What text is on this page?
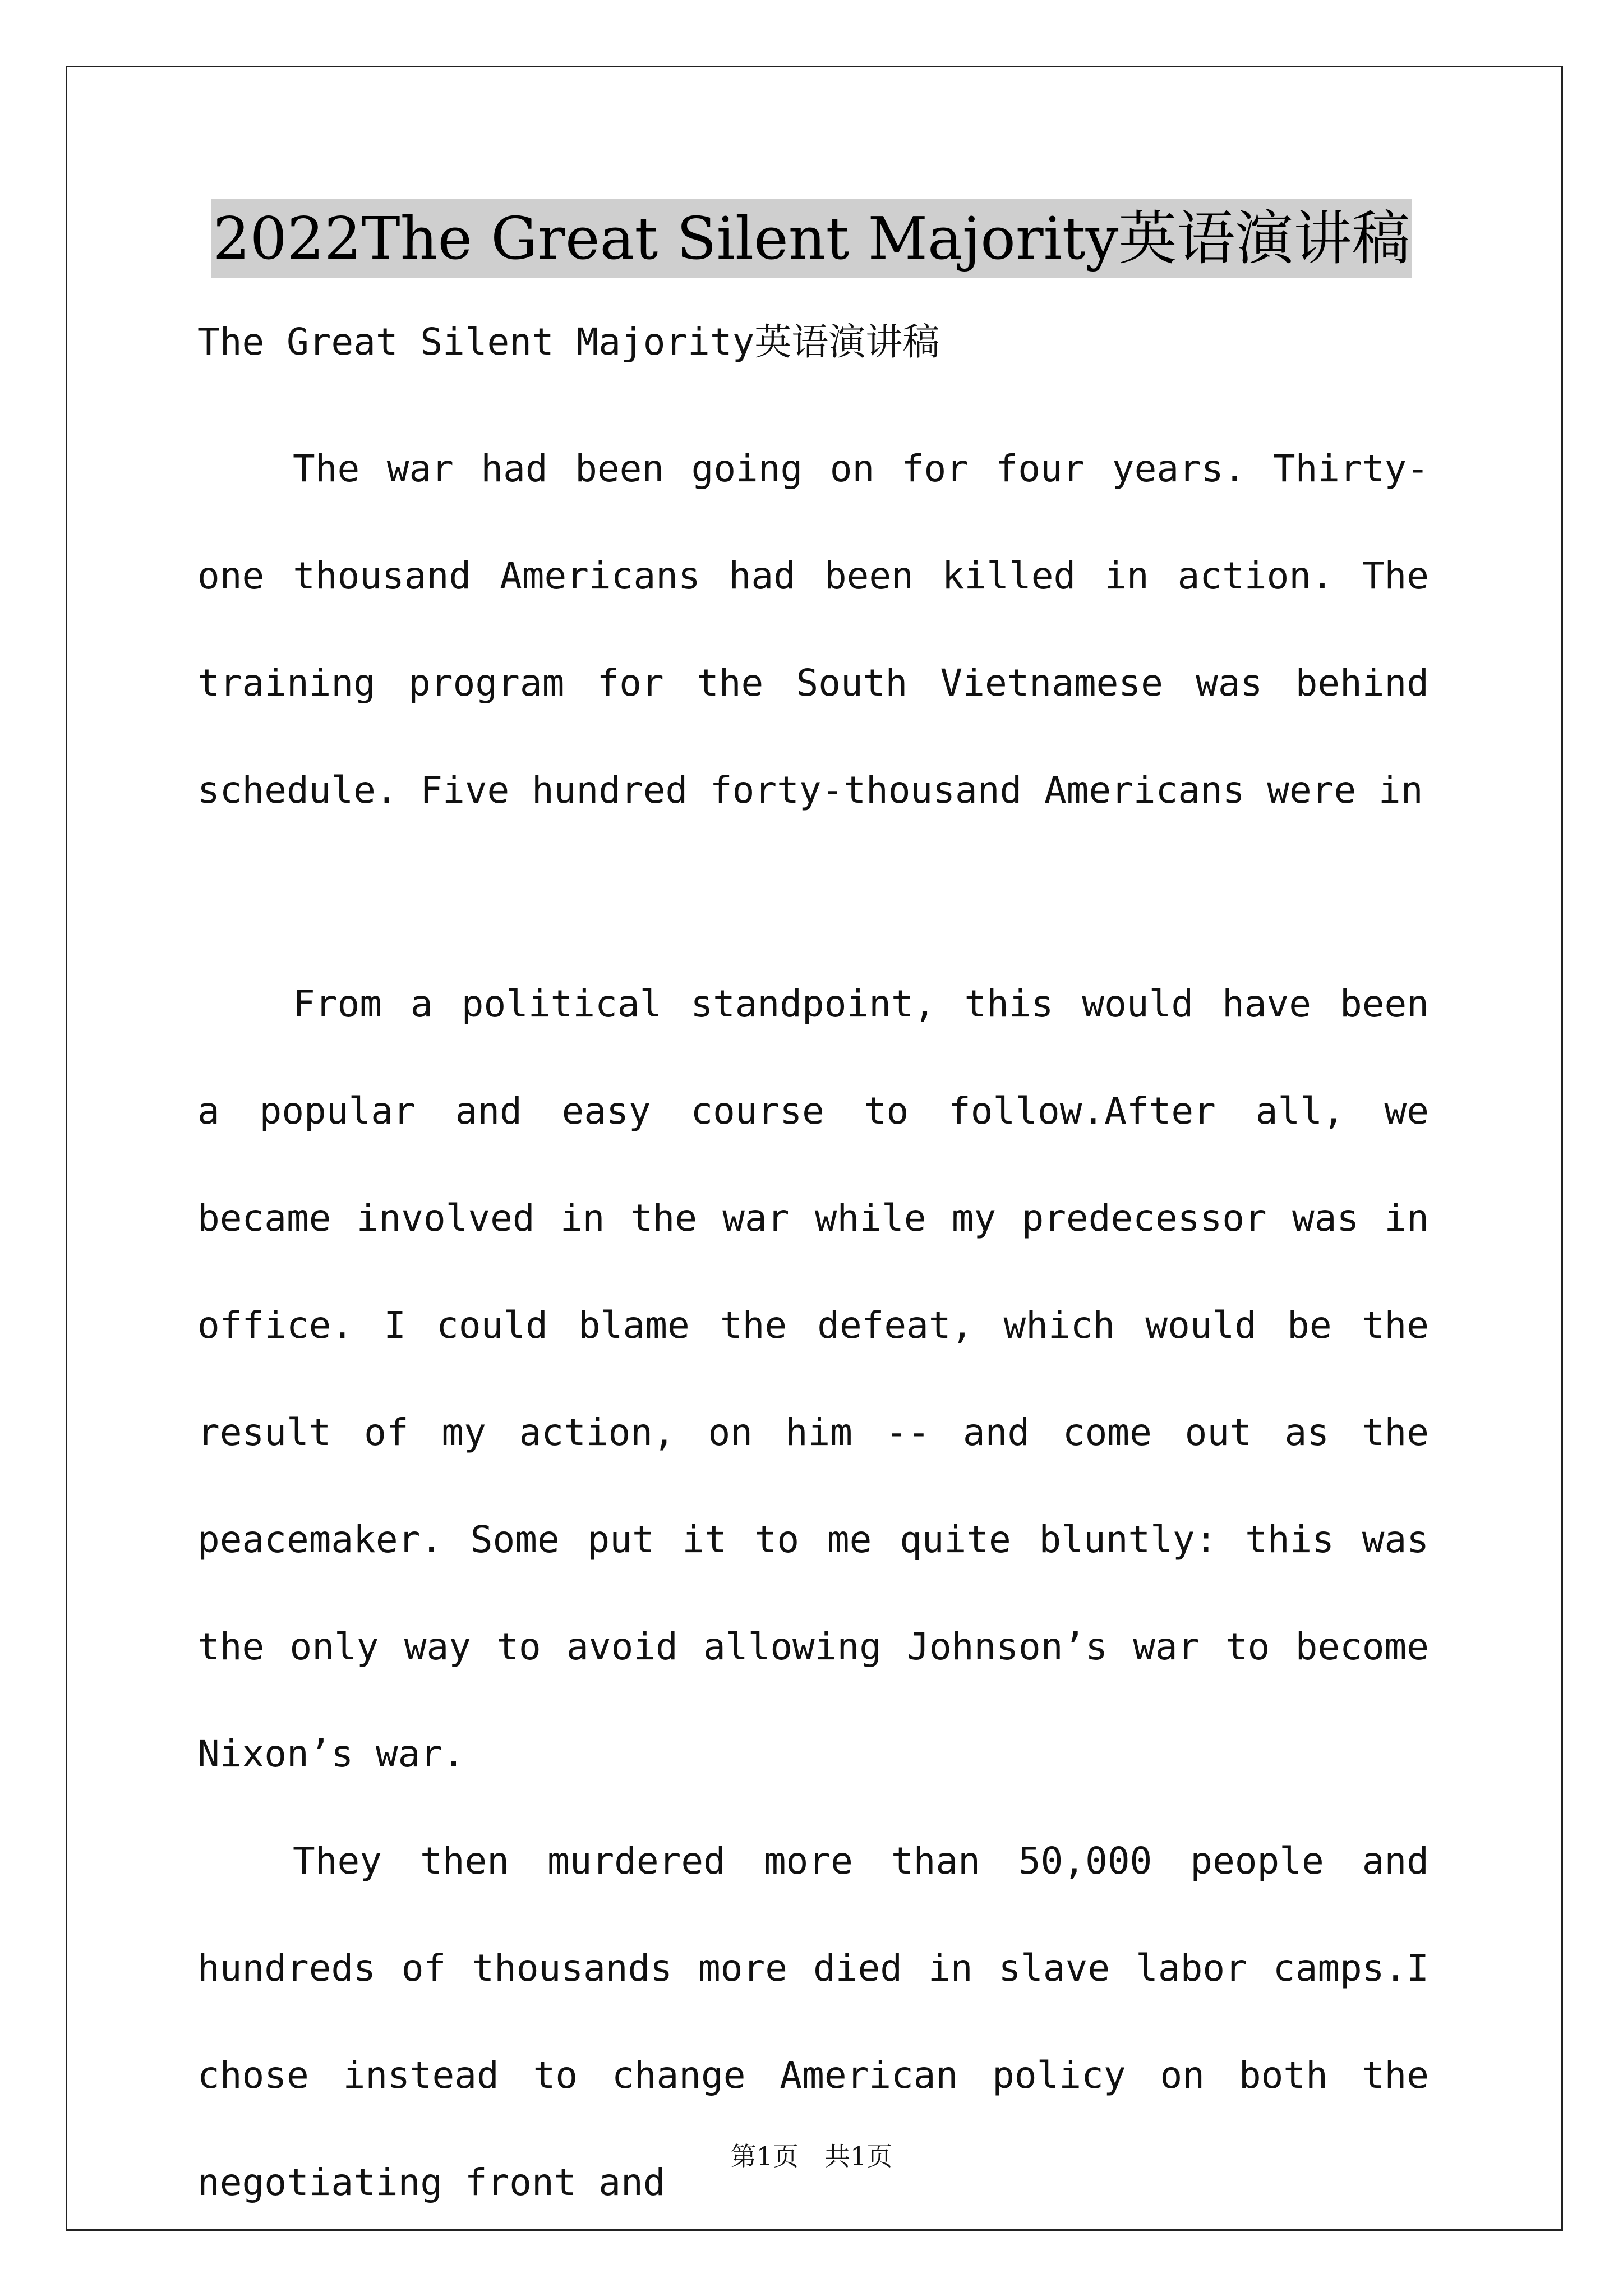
2022The Great Silent Majority英语演讲稿

The Great Silent Majority英语演讲稿

The war had been going on for four years. Thirty-one thousand Americans had been killed in action. The training program for the South Vietnamese was behind schedule. Five hundred forty-thousand Americans were in

From a political standpoint, this would have been a popular and easy course to follow.After all, we became involved in the war while my predecessor was in office. I could blame the defeat, which would be the result of my action, on him -- and come out as the peacemaker. Some put it to me quite bluntly: this was the only way to avoid allowing Johnson’s war to become Nixon’s war.

They then murdered more than 50,000 people and hundreds of thousands more died in slave labor camps.I chose instead to change American policy on both the negotiating front and

第1页　共1页
